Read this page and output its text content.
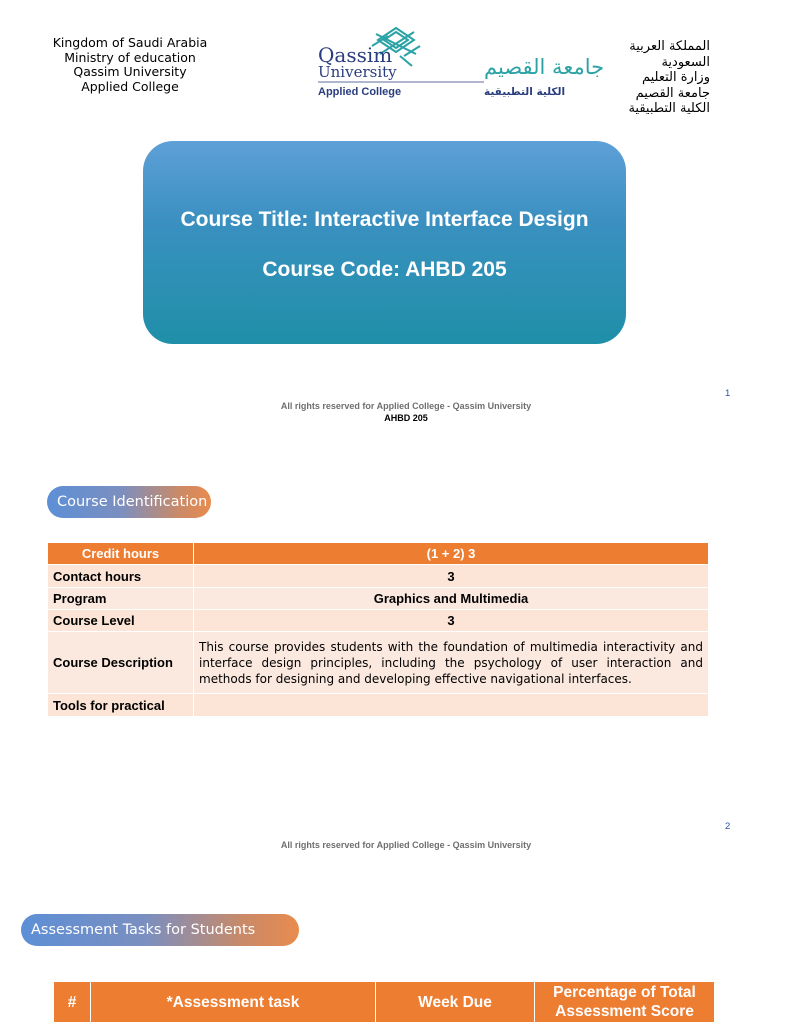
Kingdom of Saudi Arabia
Ministry of education
Qassim University
Applied College
Qassim
University	جامعة القصيم
Applied College	الكلية التطبيقية
المملكة العربية
السعودية
وزارة التعليم
جامعة القصيم
الكلية التطبيقية
Course Title: Interactive Interface Design
Course Code: AHBD 205
All rights reserved for Applied College - Qassim University
AHBD 205
1
Course Identification
Credit hours	(1 + 2) 3
Contact hours	3
Program	Graphics and Multimedia
Course Level	3
Course Description	This course provides students with the foundation of multimedia interactivity and interface design principles, including the psychology of user interaction and methods for designing and developing effective navigational interfaces.
Tools for practical	
All rights reserved for Applied College - Qassim University
2
Assessment Tasks for Students
#	*Assessment task	Week Due	Percentage of Total Assessment Score
